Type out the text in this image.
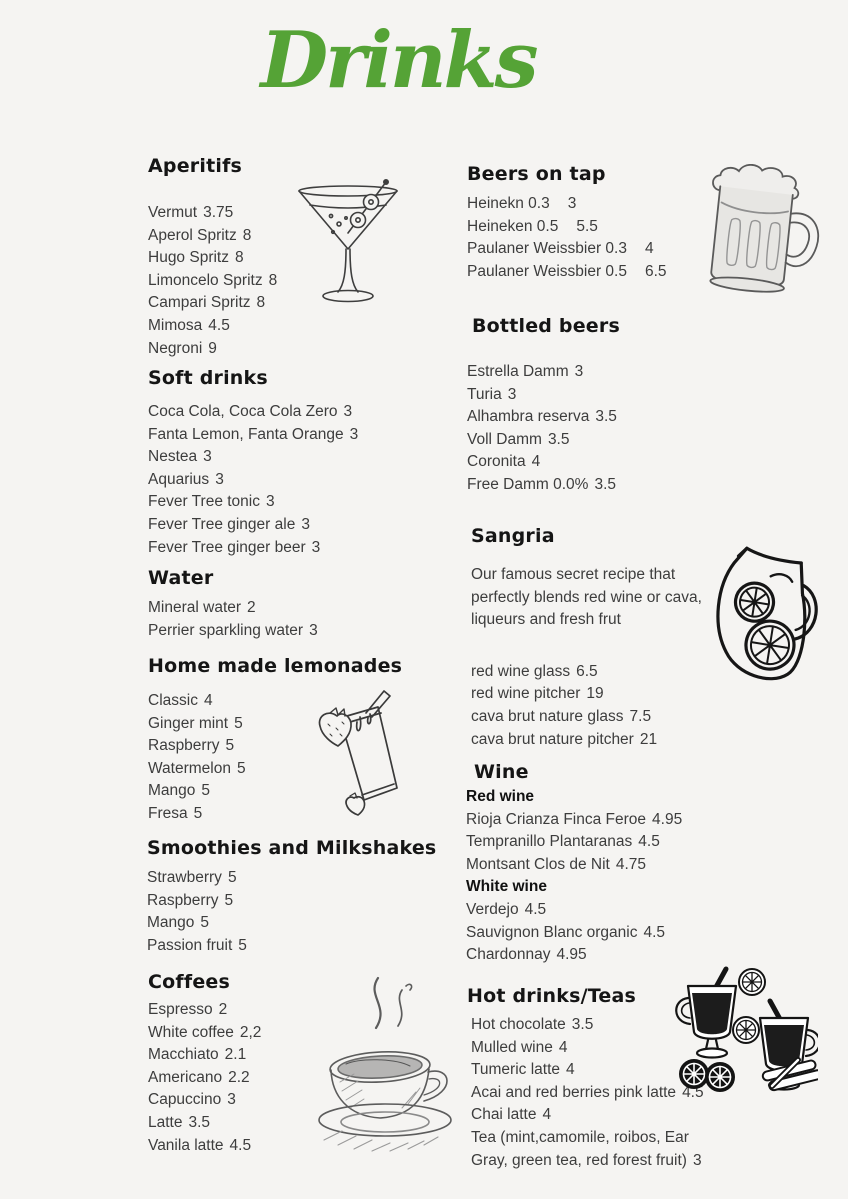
Drinks
Aperitifs
Vermut 3.75
Aperol Spritz 8
Hugo Spritz 8
Limoncelo Spritz 8
Campari Spritz 8
Mimosa 4.5
Negroni 9
Soft drinks
Coca Cola, Coca Cola Zero 3
Fanta Lemon, Fanta Orange 3
Nestea 3
Aquarius 3
Fever Tree tonic 3
Fever Tree ginger ale 3
Fever Tree ginger beer 3
Water
Mineral water 2
Perrier sparkling water 3
Home made lemonades
Classic 4
Ginger mint 5
Raspberry 5
Watermelon 5
Mango 5
Fresa 5
Smoothies and Milkshakes
Strawberry 5
Raspberry 5
Mango 5
Passion fruit 5
Coffees
Espresso 2
White coffee 2,2
Macchiato 2.1
Americano 2.2
Capuccino 3
Latte 3.5
Vanila latte 4.5
Beers on tap
Heinekn 0.3 3
Heineken 0.5 5.5
Paulaner Weissbier 0.3 4
Paulaner Weissbier 0.5 6.5
Bottled beers
Estrella Damm 3
Turia 3
Alhambra reserva 3.5
Voll Damm 3.5
Coronita 4
Free Damm 0.0% 3.5
Sangria

Our famous secret recipe that perfectly blends red wine or cava, liqueurs and fresh frut

red wine glass 6.5
red wine pitcher 19
cava brut nature glass 7.5
cava brut nature pitcher 21
Wine
Red wine
Rioja Crianza Finca Feroe 4.95
Tempranillo Plantaranas 4.5
Montsant Clos de Nit 4.75
White wine
Verdejo 4.5
Sauvignon Blanc organic 4.5
Chardonnay 4.95
Hot drinks/Teas
Hot chocolate 3.5
Mulled wine 4
Tumeric latte 4
Acai and red berries pink latte 4.5
Chai latte 4
Tea (mint,camomile, roibos, Ear Gray, green tea, red forest fruit) 3
